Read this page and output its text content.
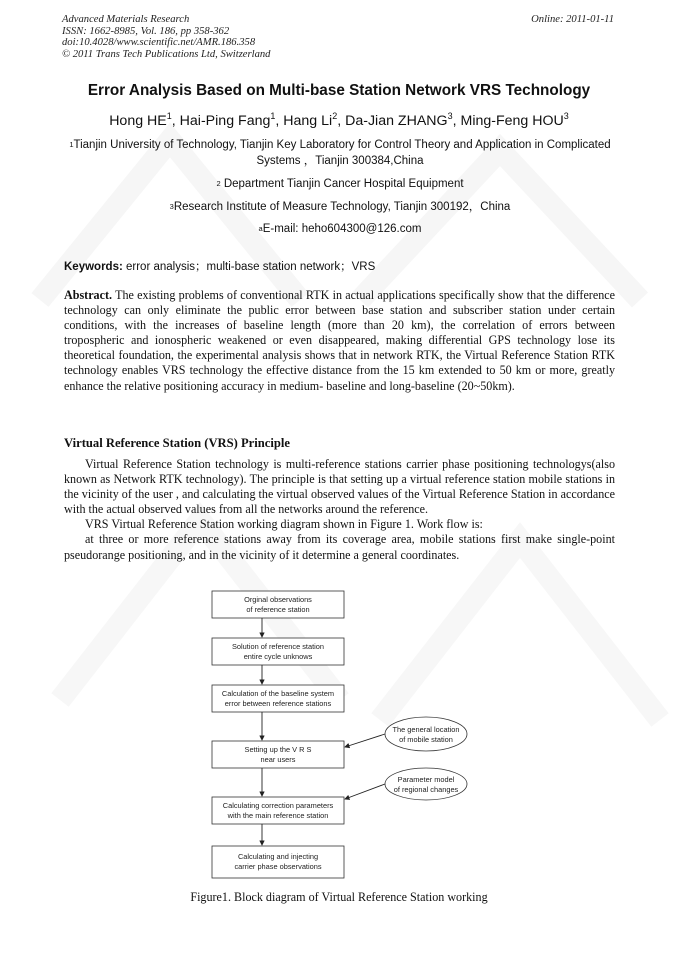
Advanced Materials Research
ISSN: 1662-8985, Vol. 186, pp 358-362
doi:10.4028/www.scientific.net/AMR.186.358
© 2011 Trans Tech Publications Ltd, Switzerland
Online: 2011-01-11
Error Analysis Based on Multi-base Station Network VRS Technology
Hong $HE^1$, Hai-Ping Fang$^1$, Hang Li$^2$, Da-Jian ZHANG$^3$, Ming-Feng HOU$^3$
$^1$Tianjin University of Technology, Tianjin Key Laboratory for Control Theory and Application in Complicated Systems ，Tianjin 300384,China
$^2$ Department Tianjin Cancer Hospital Equipment
$^3$Research Institute of Measure Technology, Tianjin 300192，China
$^a$E-mail: heho604300@126.com
Keywords: error analysis；multi-base station network；VRS
Abstract. The existing problems of conventional RTK in actual applications specifically show that the difference technology can only eliminate the public error between base station and subscriber station under certain conditions, with the increases of baseline length (more than 20 km), the correlation of errors between tropospheric and ionospheric weakened or even disappeared, making differential GPS technology lose its theoretical foundation, the experimental analysis shows that in network RTK, the Virtual Reference Station RTK technology enables VRS technology the effective distance from the 15 km extended to 50 km or more, greatly enhance the relative positioning accuracy in medium- baseline and long-baseline (20~50km).
Virtual Reference Station (VRS) Principle
Virtual Reference Station technology is multi-reference stations carrier phase positioning technologys(also known as Network RTK technology). The principle is that setting up a virtual reference station mobile stations in the vicinity of the user , and calculating the virtual observed values of the Virtual Reference Station in accordance with the actual observed values from all the networks around the reference.
VRS Virtual Reference Station working diagram shown in Figure 1. Work flow is:
at three or more reference stations away from its coverage area, mobile stations first make single-point pseudorange positioning, and in the vicinity of it determine a general coordinates.
Orginal observations
of reference station
Solution of reference station
entire cycle unknows
Calculation of the baseline system
error between reference stations
Setting up the V R S
near users
Calculating correction parameters
with the main reference station
Calculating and injecting
carrier phase observations
The general location
of mobile station
Parameter model
of regional changes
Figure1. Block diagram of Virtual Reference Station working
